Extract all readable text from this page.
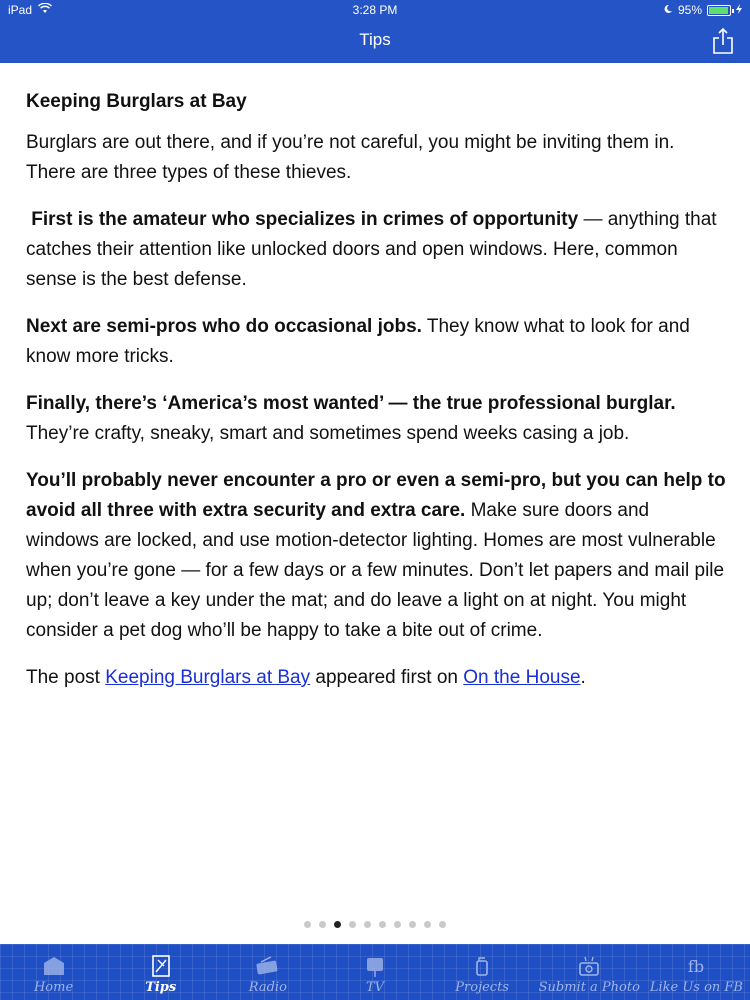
iPad	3:28 PM	95%
Tips
Keeping Burglars at Bay

Burglars are out there, and if you’re not careful, you might be inviting them in. There are three types of these thieves.

First is the amateur who specializes in crimes of opportunity — anything that catches their attention like unlocked doors and open windows. Here, common sense is the best defense.

Next are semi-pros who do occasional jobs. They know what to look for and know more tricks.

Finally, there’s ‘America’s most wanted’ — the true professional burglar. They’re crafty, sneaky, smart and sometimes spend weeks casing a job.

You’ll probably never encounter a pro or even a semi-pro, but you can help to avoid all three with extra security and extra care. Make sure doors and windows are locked, and use motion-detector lighting. Homes are most vulnerable when you’re gone — for a few days or a few minutes. Don’t let papers and mail pile up; don’t leave a key under the mat; and do leave a light on at night. You might consider a pet dog who’ll be happy to take a bite out of crime.

The post Keeping Burglars at Bay appeared first on On the House.

Home	Tips	Radio	TV	Projects Submit a Photo
fb
Like Us on FB
